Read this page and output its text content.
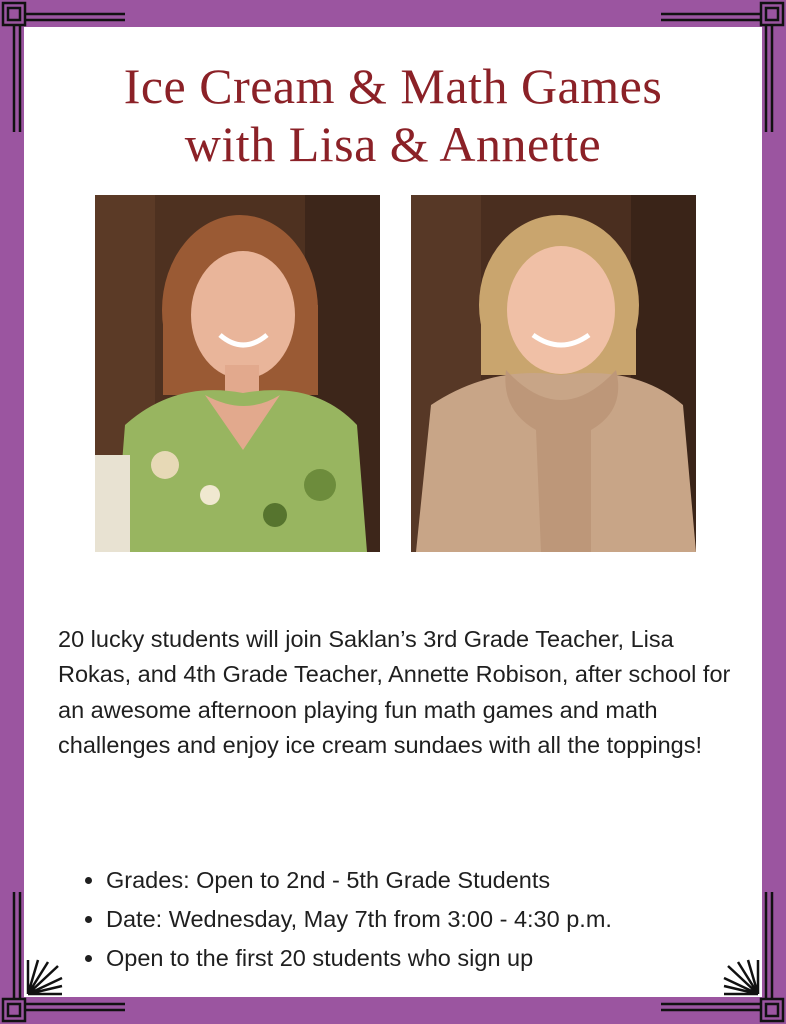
Ice Cream & Math Games
with Lisa & Annette

20 lucky students will join Saklan’s 3rd Grade Teacher, Lisa Rokas, and 4th Grade Teacher, Annette Robison, after school for an awesome afternoon playing fun math games and math challenges and enjoy ice cream sundaes with all the toppings!

• Grades: Open to 2nd - 5th Grade Students
• Date: Wednesday, May 7th from 3:00 - 4:30 p.m.
• Open to the first 20 students who sign up
